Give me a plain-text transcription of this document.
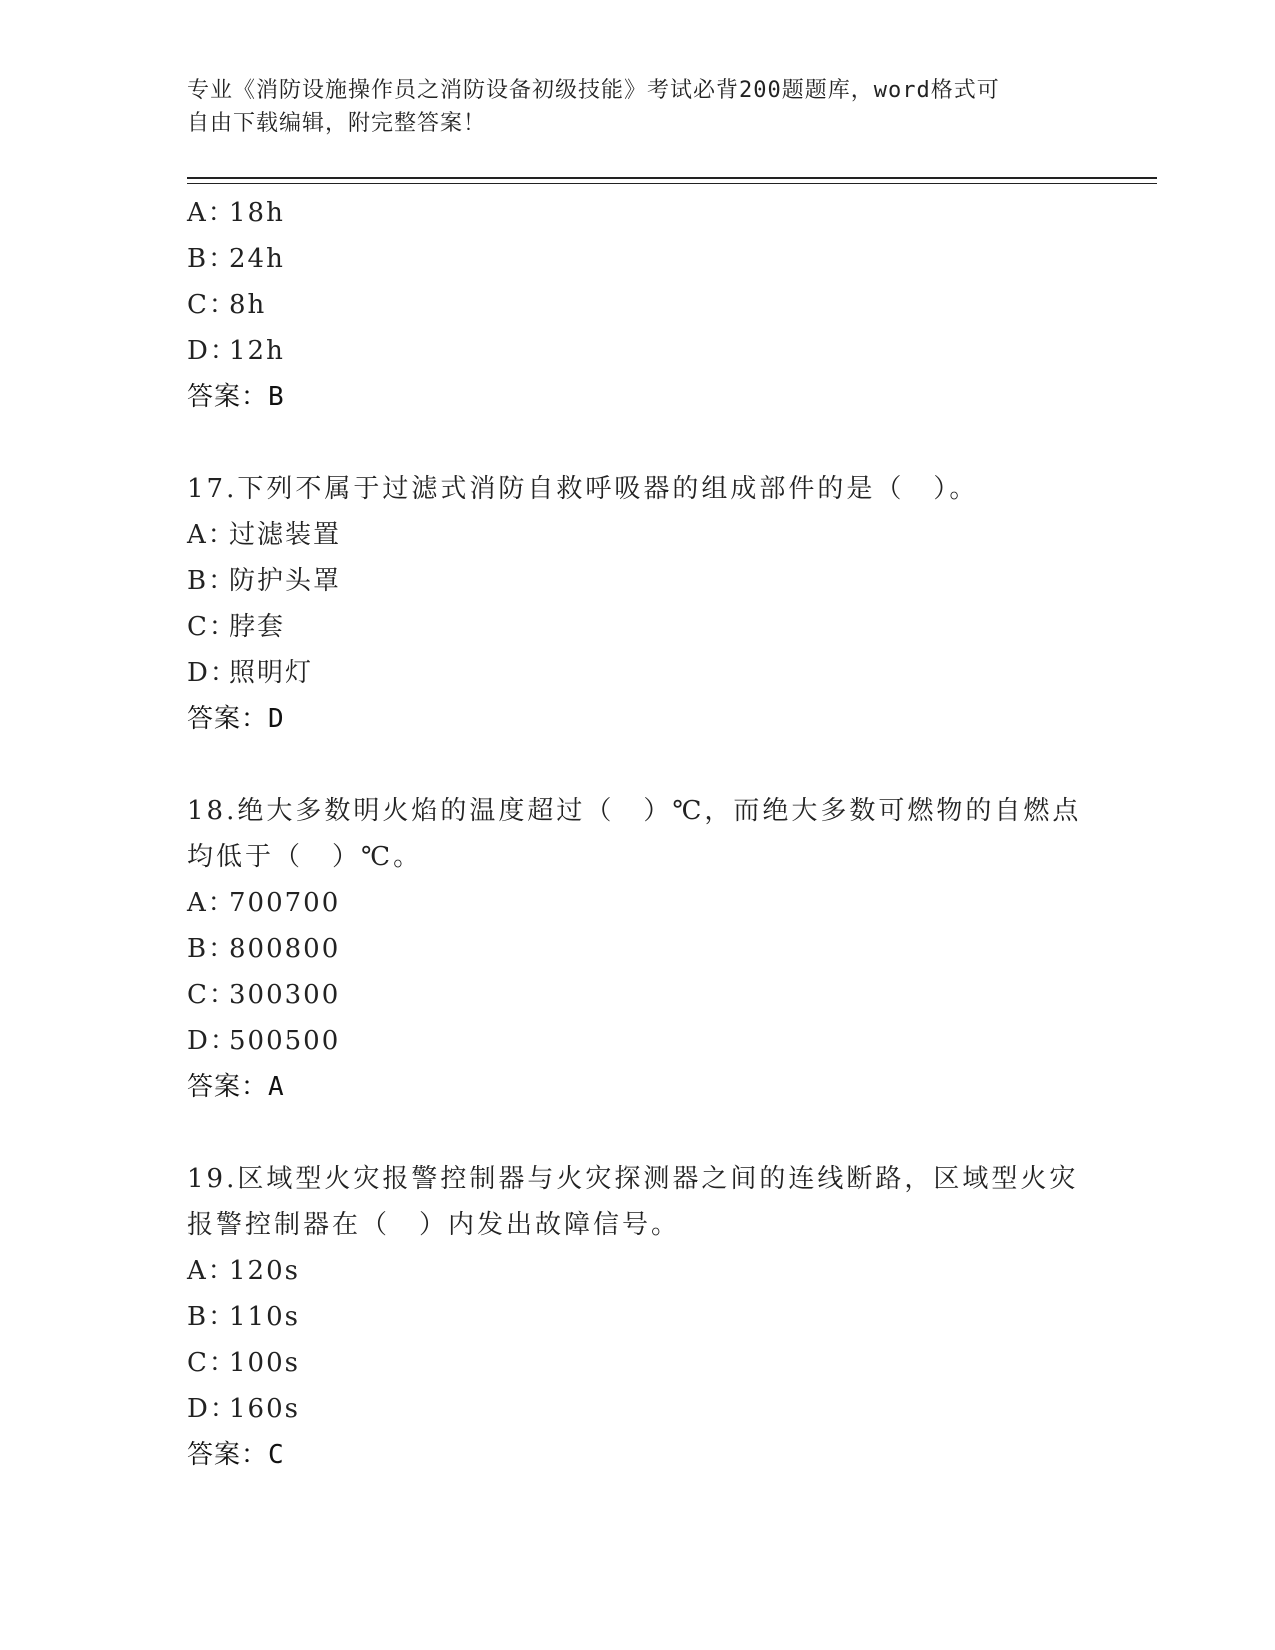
专业《消防设施操作员之消防设备初级技能》考试必背200题题库，word格式可
自由下载编辑，附完整答案！
A：18h
B：24h
C：8h
D：12h
答案：B
17.下列不属于过滤式消防自救呼吸器的组成部件的是（　）。
A：过滤装置
B：防护头罩
C：脖套
D：照明灯
答案：D
18.绝大多数明火焰的温度超过（　）℃，而绝大多数可燃物的自燃点
均低于（　）℃。
A：700700
B：800800
C：300300
D：500500
答案：A
19.区域型火灾报警控制器与火灾探测器之间的连线断路，区域型火灾
报警控制器在（　）内发出故障信号。
A：120s
B：110s
C：100s
D：160s
答案：C
